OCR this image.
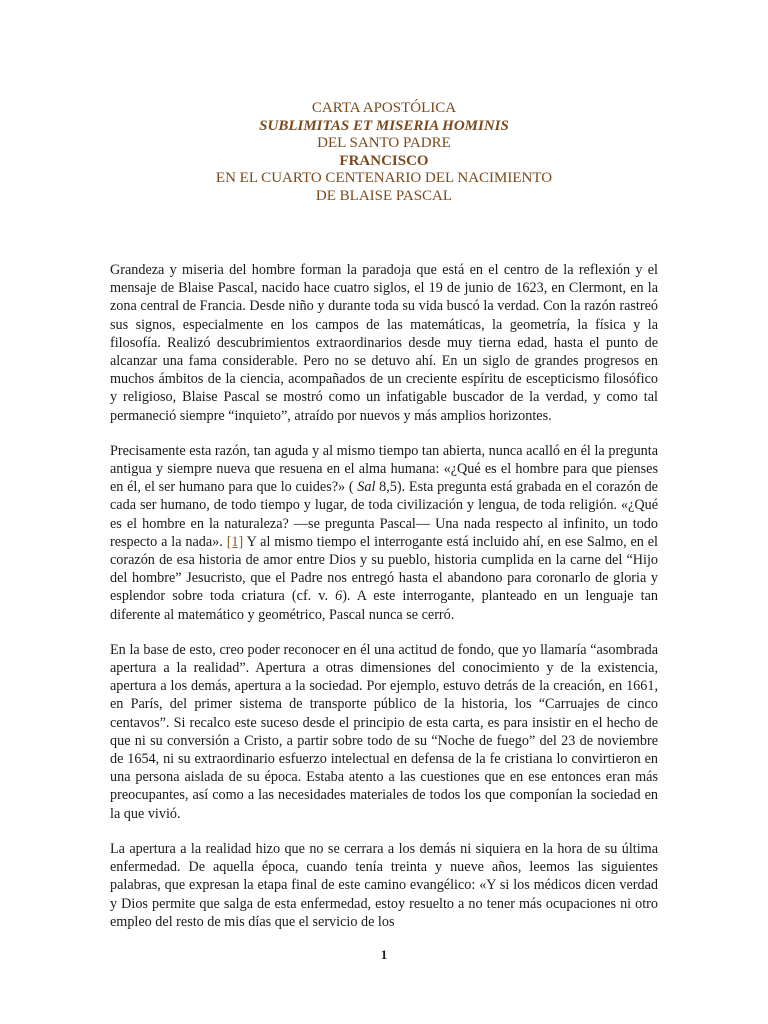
CARTA APOSTÓLICA
SUBLIMITAS ET MISERIA HOMINIS
DEL SANTO PADRE
FRANCISCO
EN EL CUARTO CENTENARIO DEL NACIMIENTO
DE BLAISE PASCAL

Grandeza y miseria del hombre forman la paradoja que está en el centro de la reflexión y el mensaje de Blaise Pascal, nacido hace cuatro siglos, el 19 de junio de 1623, en Clermont, en la zona central de Francia. Desde niño y durante toda su vida buscó la verdad. Con la razón rastreó sus signos, especialmente en los campos de las matemáticas, la geometría, la física y la filosofía. Realizó descubrimientos extraordinarios desde muy tierna edad, hasta el punto de alcanzar una fama considerable. Pero no se detuvo ahí. En un siglo de grandes progresos en muchos ámbitos de la ciencia, acompañados de un creciente espíritu de escepticismo filosófico y religioso, Blaise Pascal se mostró como un infatigable buscador de la verdad, y como tal permaneció siempre “inquieto”, atraído por nuevos y más amplios horizontes.

Precisamente esta razón, tan aguda y al mismo tiempo tan abierta, nunca acalló en él la pregunta antigua y siempre nueva que resuena en el alma humana: «¿Qué es el hombre para que pienses en él, el ser humano para que lo cuides?» ( Sal 8,5). Esta pregunta está grabada en el corazón de cada ser humano, de todo tiempo y lugar, de toda civilización y lengua, de toda religión. «¿Qué es el hombre en la naturaleza? —se pregunta Pascal— Una nada respecto al infinito, un todo respecto a la nada». [1] Y al mismo tiempo el interrogante está incluido ahí, en ese Salmo, en el corazón de esa historia de amor entre Dios y su pueblo, historia cumplida en la carne del “Hijo del hombre” Jesucristo, que el Padre nos entregó hasta el abandono para coronarlo de gloria y esplendor sobre toda criatura (cf. v. 6). A este interrogante, planteado en un lenguaje tan diferente al matemático y geométrico, Pascal nunca se cerró.

En la base de esto, creo poder reconocer en él una actitud de fondo, que yo llamaría “asombrada apertura a la realidad”. Apertura a otras dimensiones del conocimiento y de la existencia, apertura a los demás, apertura a la sociedad. Por ejemplo, estuvo detrás de la creación, en 1661, en París, del primer sistema de transporte público de la historia, los “Carruajes de cinco centavos”. Si recalco este suceso desde el principio de esta carta, es para insistir en el hecho de que ni su conversión a Cristo, a partir sobre todo de su “Noche de fuego” del 23 de noviembre de 1654, ni su extraordinario esfuerzo intelectual en defensa de la fe cristiana lo convirtieron en una persona aislada de su época. Estaba atento a las cuestiones que en ese entonces eran más preocupantes, así como a las necesidades materiales de todos los que componían la sociedad en la que vivió.

La apertura a la realidad hizo que no se cerrara a los demás ni siquiera en la hora de su última enfermedad. De aquella época, cuando tenía treinta y nueve años, leemos las siguientes palabras, que expresan la etapa final de este camino evangélico: «Y si los médicos dicen verdad y Dios permite que salga de esta enfermedad, estoy resuelto a no tener más ocupaciones ni otro empleo del resto de mis días que el servicio de los

1
